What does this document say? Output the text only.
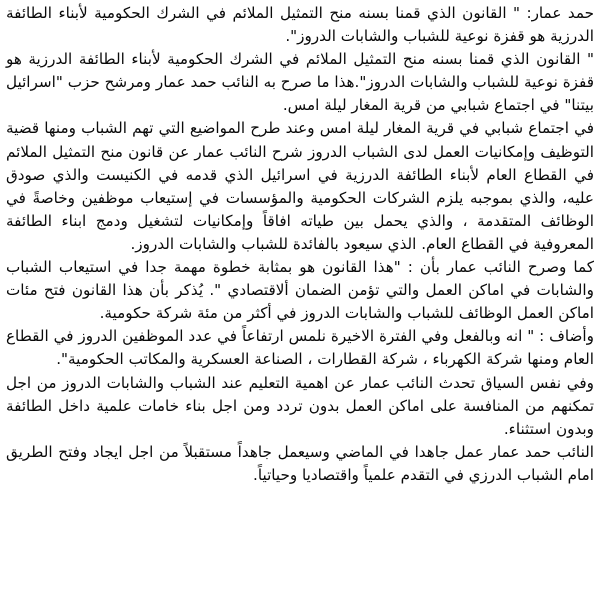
حمد عمار: " القانون الذي قمنا بسنه منح التمثيل الملائم في الشرك الحكومية لأبناء الطائفة الدرزية هو قفزة نوعية للشباب والشابات الدروز".

" القانون الذي قمنا بسنه منح التمثيل الملائم في الشرك الحكومية لأبناء الطائفة الدرزية هو قفزة نوعية للشباب والشابات الدروز".هذا ما صرح به النائب حمد عمار ومرشح حزب "اسرائيل بيتنا" في اجتماع شبابي من قرية المغار ليلة امس.

في اجتماع شبابي في قرية المغار ليلة امس وعند طرح المواضيع التي تهم الشباب ومنها قضية التوظيف وإمكانيات العمل لدى الشباب الدروز شرح النائب عمار عن قانون منح التمثيل الملائم في القطاع العام لأبناء الطائفة الدرزية في اسرائيل الذي قدمه في الكنيست والذي صودق عليه، والذي بموجبه يلزم الشركات الحكومية والمؤسسات في إستيعاب موظفين وخاصةً في الوظائف المتقدمة ، والذي يحمل بين طياته افاقاً وإمكانيات لتشغيل ودمج ابناء الطائفة المعروفية في القطاع العام. الذي سيعود بالفائدة للشباب والشابات الدروز.

كما وصرح النائب عمار بأن : "هذا القانون هو بمثابة خطوة مهمة جدا في استيعاب الشباب والشابات في اماكن العمل والتي تؤمن الضمان ألاقتصادي ". يُذكر بأن هذا القانون فتح مئات اماكن العمل الوظائف للشباب والشابات الدروز في أكثر من مئة شركة حكومية.

وأضاف : " انه وبالفعل وفي الفترة الاخيرة نلمس ارتفاعاً في عدد الموظفين الدروز في القطاع العام ومنها شركة الكهرباء ، شركة القطارات ، الصناعة العسكرية والمكاتب الحكومية".

وفي نفس السياق تحدث النائب عمار عن اهمية التعليم عند الشباب والشابات الدروز من اجل تمكنهم من المنافسة على اماكن العمل بدون تردد ومن اجل بناء خامات علمية داخل الطائفة وبدون استثناء.

النائب حمد عمار عمل جاهدا في الماضي وسيعمل جاهداً مستقبلاً من اجل ايجاد وفتح الطريق امام الشباب الدرزي في التقدم علمياً واقتصاديا وحياتياً.
